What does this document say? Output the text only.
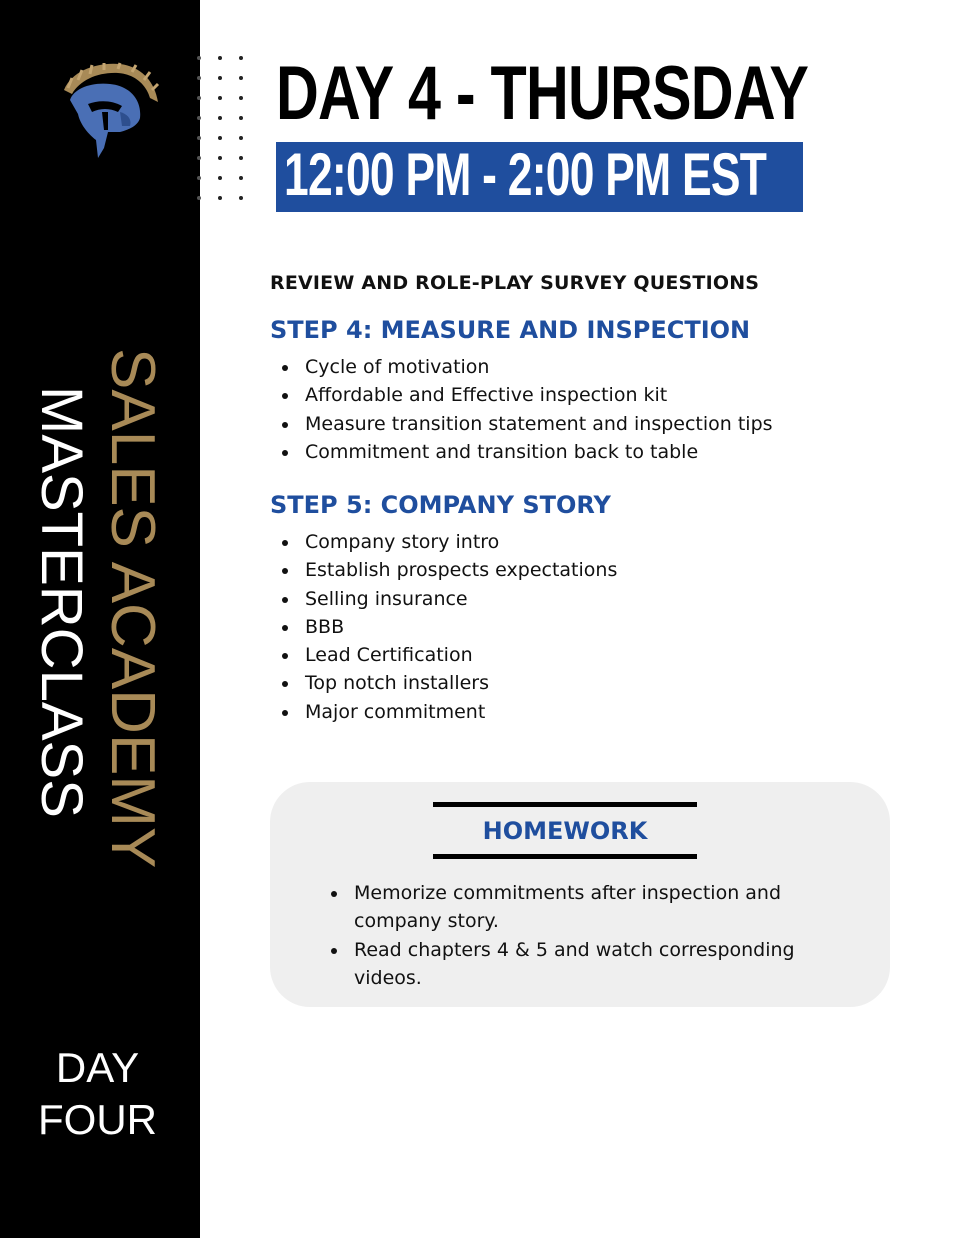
SALES ACADEMY
MASTERCLASS
DAY
FOUR
DAY 4 - THURSDAY
12:00 PM - 2:00 PM EST
REVIEW AND ROLE-PLAY SURVEY QUESTIONS
STEP 4: MEASURE AND INSPECTION
Cycle of motivation
Affordable and Effective inspection kit
Measure transition statement and inspection tips
Commitment and transition back to table
STEP 5: COMPANY STORY
Company story intro
Establish prospects expectations
Selling insurance
BBB
Lead Certification
Top notch installers
Major commitment
HOMEWORK
Memorize commitments after inspection and company story.
Read chapters 4 & 5 and watch corresponding videos.
